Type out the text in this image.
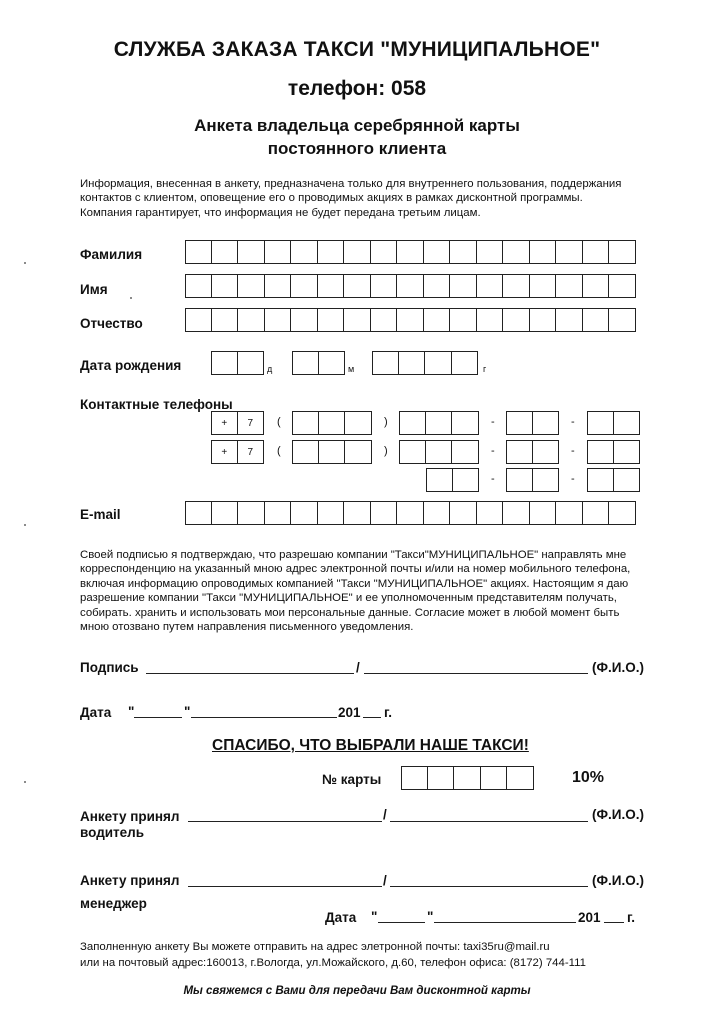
СЛУЖБА ЗАКАЗА ТАКСИ "МУНИЦИПАЛЬНОЕ"
телефон: 058
Анкета владельца серебрянной карты
постоянного клиента
Информация, внесенная в анкету, предназначена только для внутреннего пользования, поддержания
контактов с клиентом, оповещение его о проводимых акциях в рамках дисконтной программы.
Компания гарантирует, что информация не будет передана третьим лицам.
Фамилия
Имя
Отчество
Дата рождения	д	м	г
Контактные телефоны
+	7	(	)	-	-
+	7	(	)	-	-
-	-
E-mail
Своей подписью я подтверждаю, что разрешаю компании "Такси"МУНИЦИПАЛЬНОЕ" направлять мне
корреспонденцию на указанный мною адрес электронной почты и/или на номер мобильного телефона,
включая информацию опроводимых компанией "Такси "МУНИЦИПАЛЬНОЕ" акциях. Настоящим я даю
разрешение компании "Такси "МУНИЦИПАЛЬНОЕ" и ее уполномоченным представителям получать,
собирать. хранить и использовать мои персональные данные. Согласие может в любой момент быть
мною отозвано путем направления письменного уведомления.
Подпись	/	(Ф.И.О.)
Дата "	"	201 г.
СПАСИБО, ЧТО ВЫБРАЛИ НАШЕ ТАКСИ!
№ карты	10%
Анкету принял	/	(Ф.И.О.)
водитель
Анкету принял	/	(Ф.И.О.)
менеджер
Дата "	"	201 г.
Заполненную анкету Вы можете отправить на адрес элетронной почты: taxi35ru@mail.ru
или на почтовый адрес:160013, г.Вологда, ул.Можайского, д.60, телефон офиса: (8172) 744-111
Мы свяжемся с Вами для передачи Вам дисконтной карты
